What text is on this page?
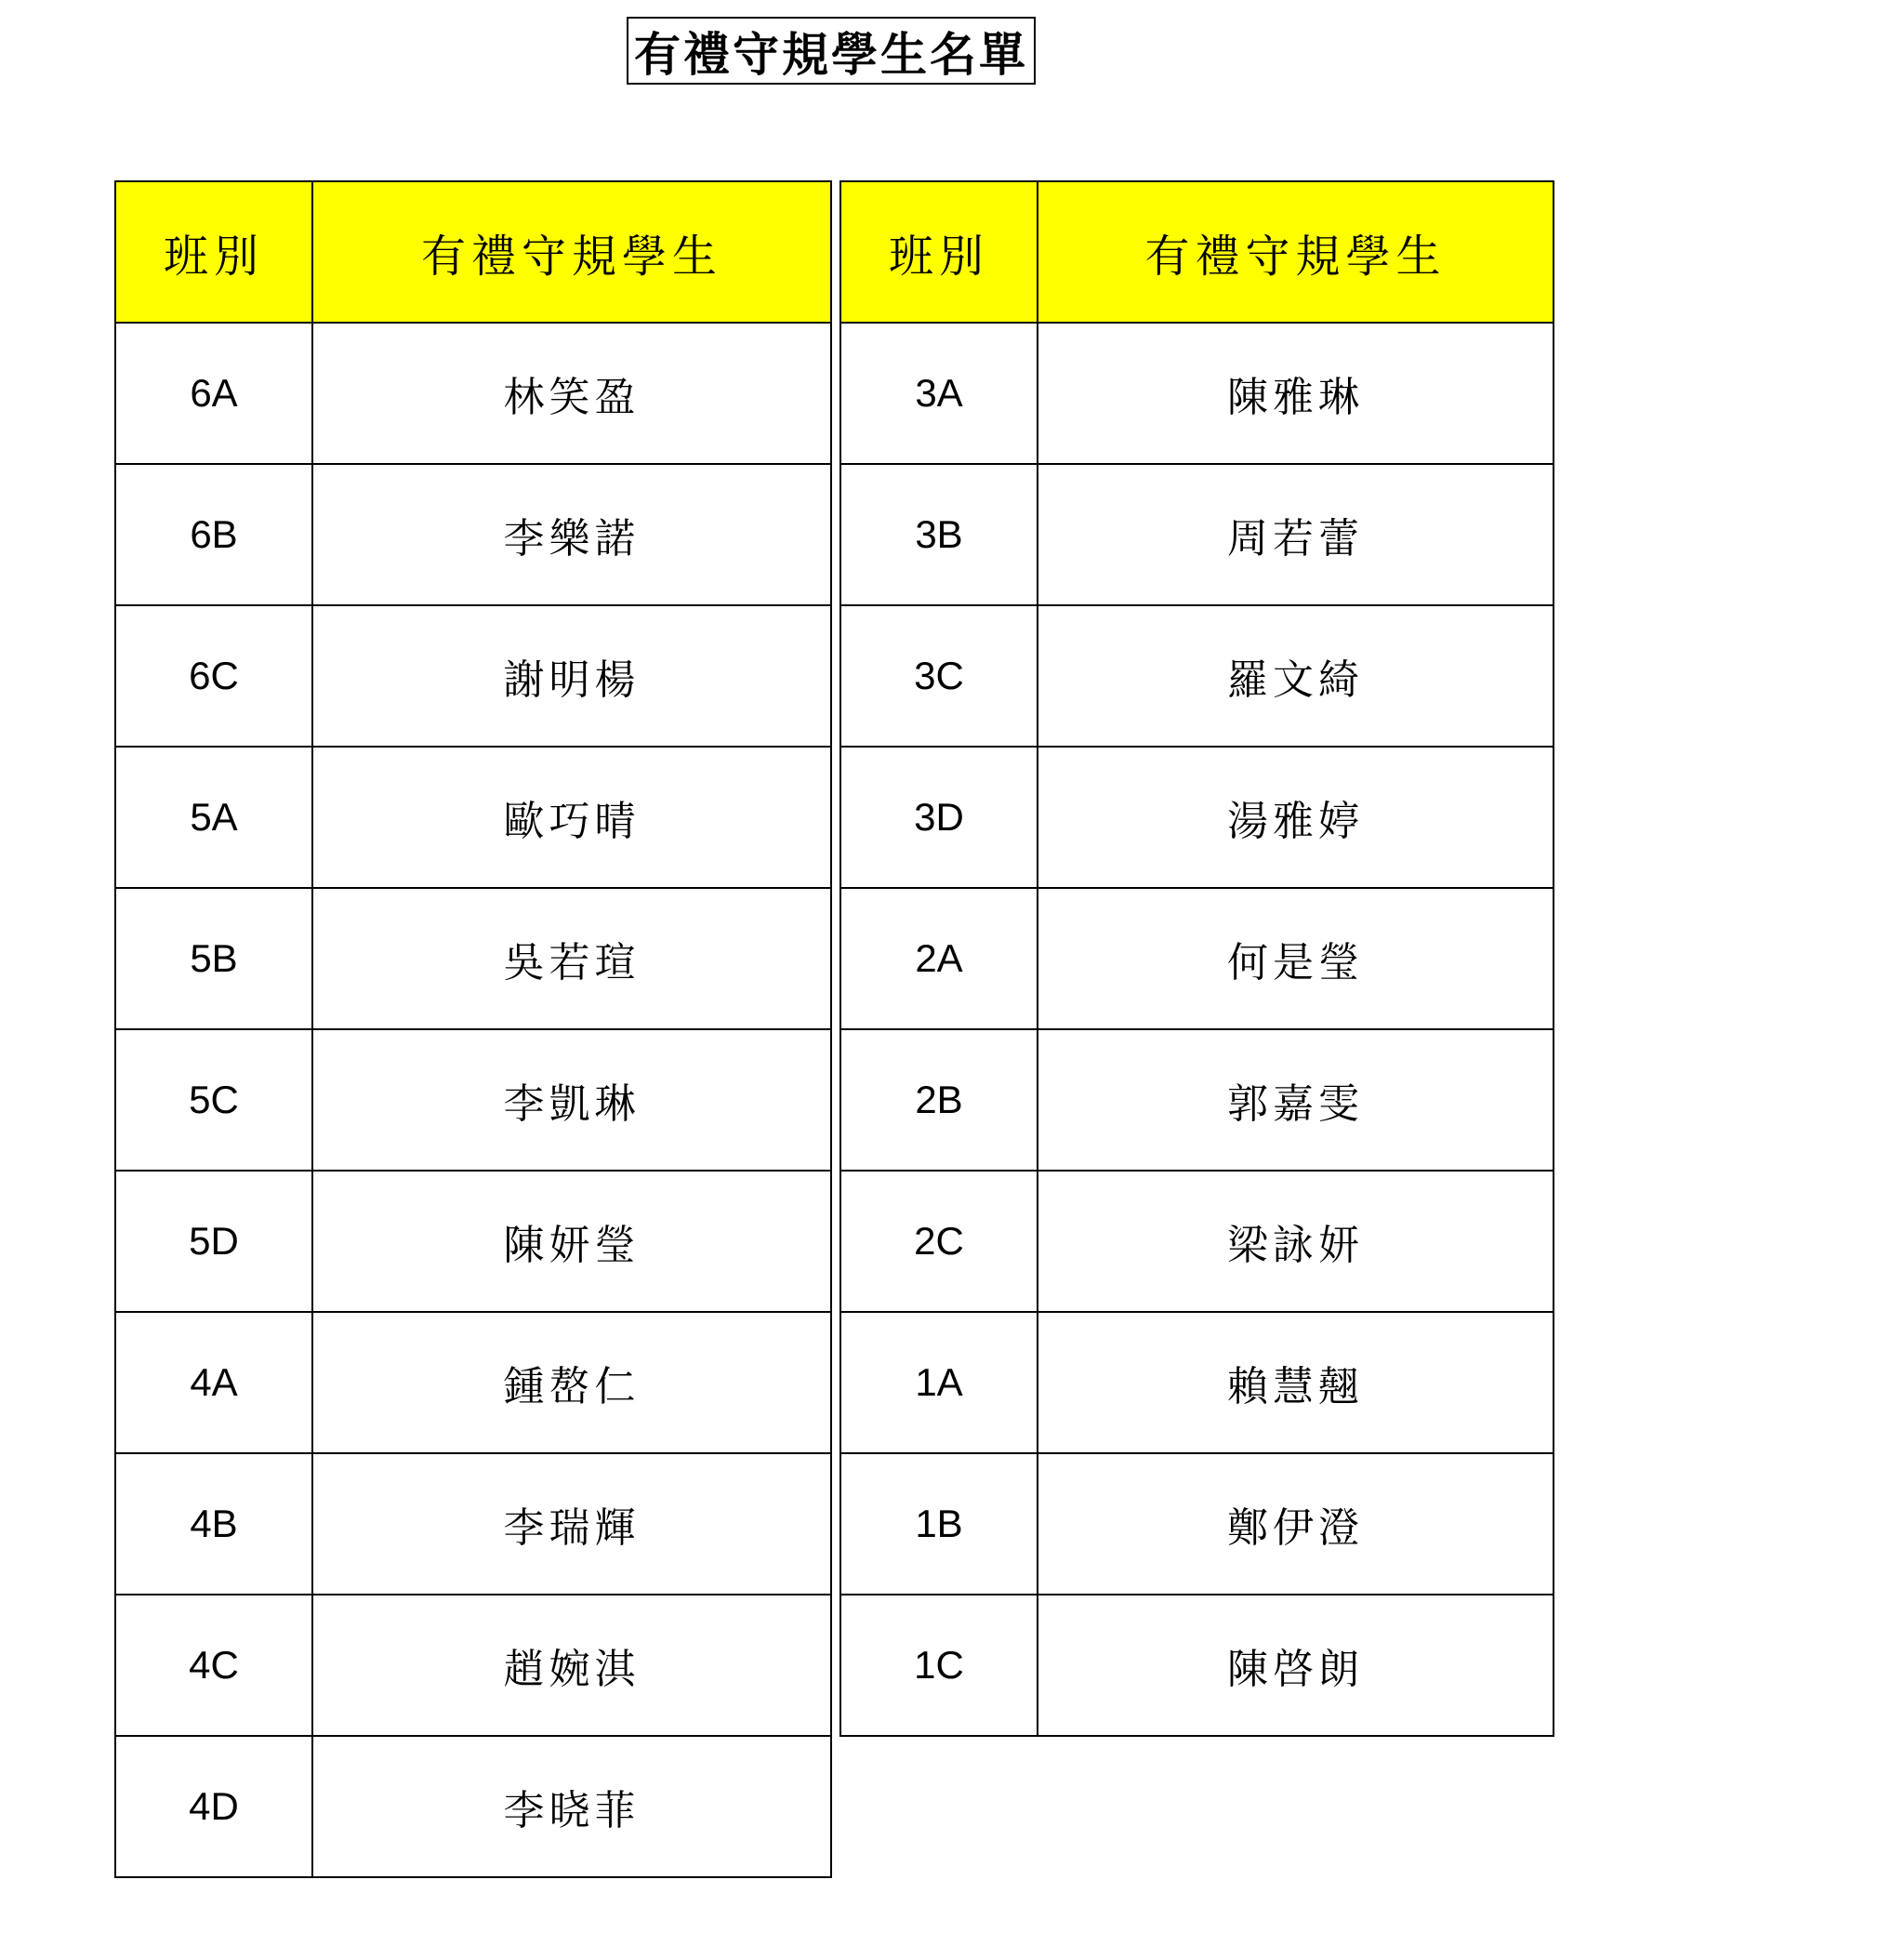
有禮守規學生名單
班別	有禮守規學生
6A	林笑盈
6B	李樂諾
6C	謝明楊
5A	歐巧晴
5B	吳若瑄
5C	李凱琳
5D	陳妍瑩
4A	鍾嶅仁
4B	李瑞輝
4C	趙婉淇
4D	李晓菲
班別	有禮守規學生
3A	陳雅琳
3B	周若蕾
3C	羅文綺
3D	湯雅婷
2A	何是瑩
2B	郭嘉雯
2C	梁詠妍
1A	賴慧翹
1B	鄭伊澄
1C	陳啓朗
